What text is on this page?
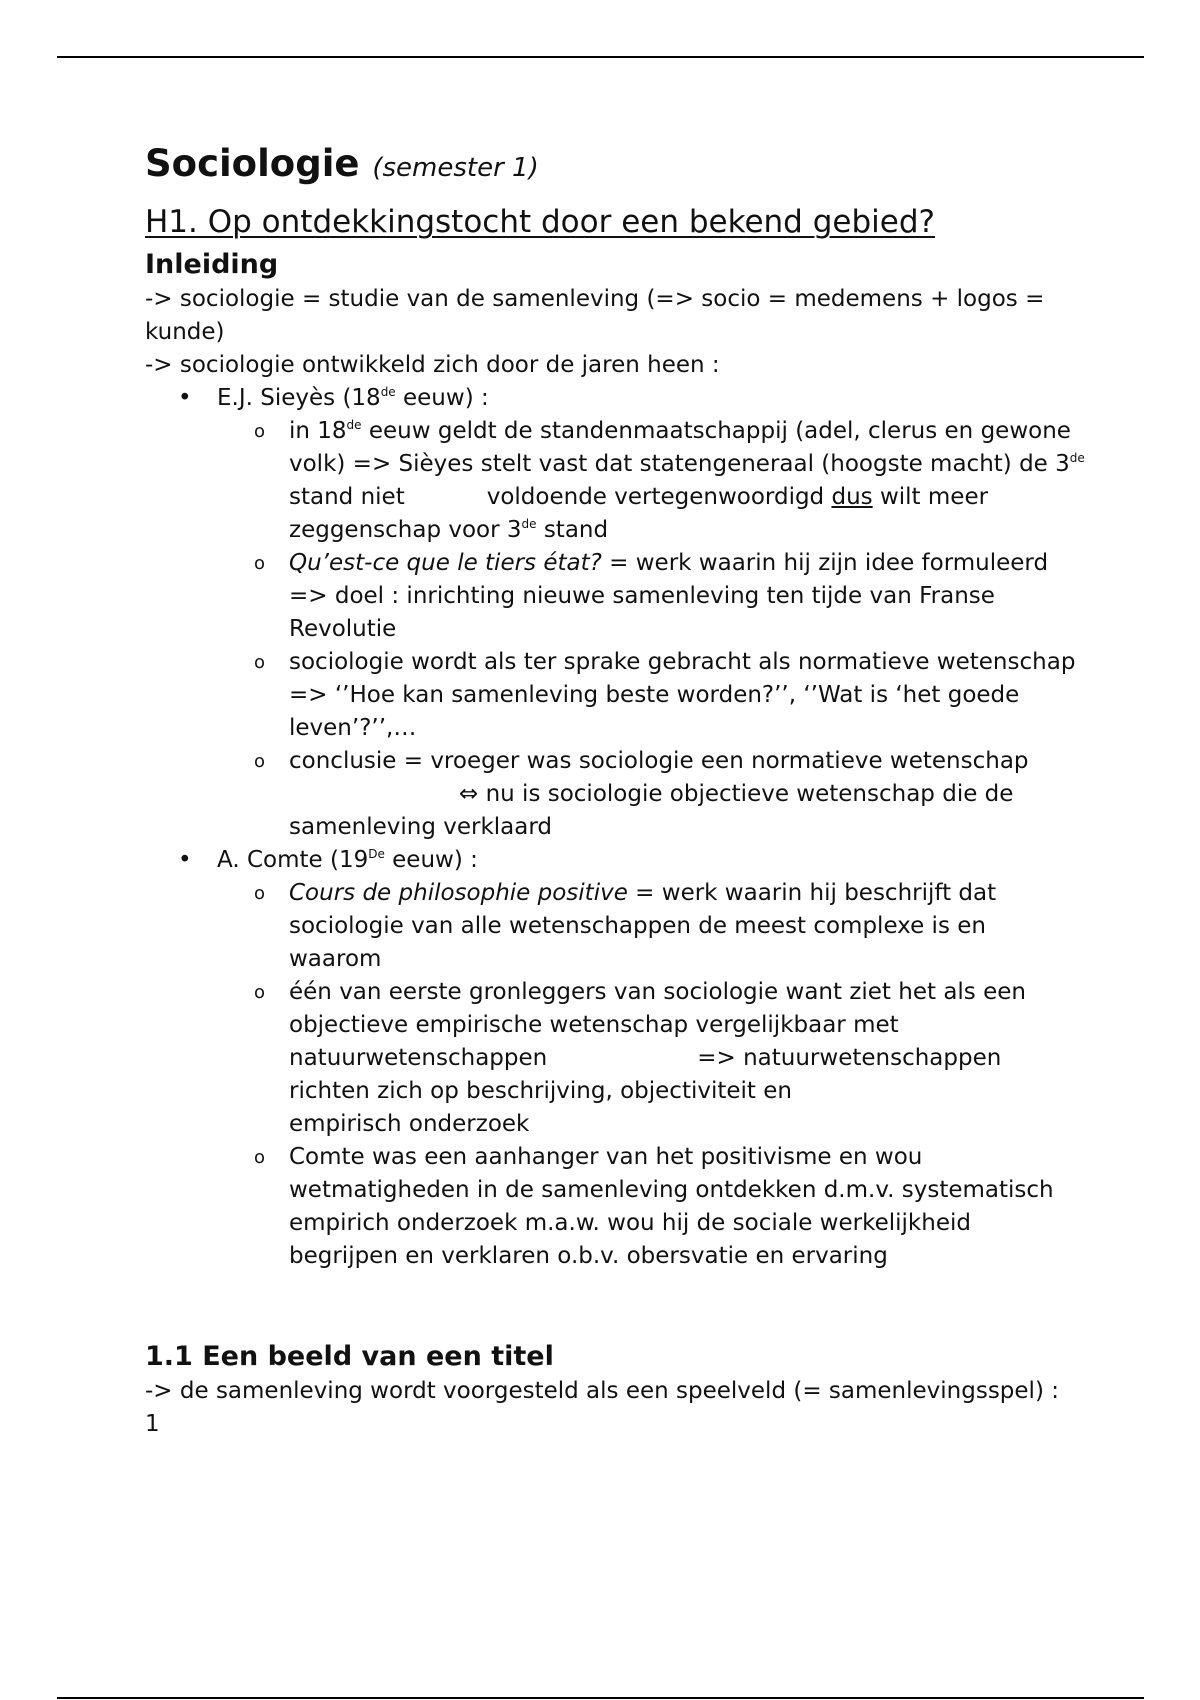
Sociologie (semester 1)

H1. Op ontdekkingstocht door een bekend gebied?

Inleiding

-> sociologie = studie van de samenleving (=> socio = medemens + logos = kunde)

-> sociologie ontwikkeld zich door de jaren heen :

• E.J. Sieyès (18de eeuw) :
o in 18de eeuw geldt de standenmaatschappij (adel, clerus en gewone volk) => Sièyes stelt vast dat statengeneraal (hoogste macht) de 3de stand niet	voldoende vertegenwoordigd dus wilt meer zeggenschap voor 3de stand
o Qu’est-ce que le tiers état? = werk waarin hij zijn idee formuleerd
=> doel : inrichting nieuwe samenleving ten tijde van Franse Revolutie
o sociologie wordt als ter sprake gebracht als normatieve wetenschap
=> ‘’Hoe kan samenleving beste worden?’’, ‘’Wat is ‘het goede leven’?’’,…
o conclusie = vroeger was sociologie een normatieve wetenschap⇔ nu is sociologie objectieve wetenschap die de samenleving verklaard
• A. Comte (19De eeuw) :
o Cours de philosophie positive = werk waarin hij beschrijft dat sociologie van alle wetenschappen de meest complexe is en waarom
o één van eerste gronleggers van sociologie want ziet het als een objectieve empirische wetenschap vergelijkbaar met natuurwetenschappen	=> natuurwetenschappen richten zich op beschrijving, objectiviteit en
empirisch onderzoek
o Comte was een aanhanger van het positivisme en wou wetmatigheden in de samenleving ontdekken d.m.v. systematisch empirich onderzoek m.a.w. wou hij de sociale werkelijkheid begrijpen en verklaren o.b.v. obersvatie en ervaring

1.1 Een beeld van een titel

-> de samenleving wordt voorgesteld als een speelveld (= samenlevingsspel) :

1
